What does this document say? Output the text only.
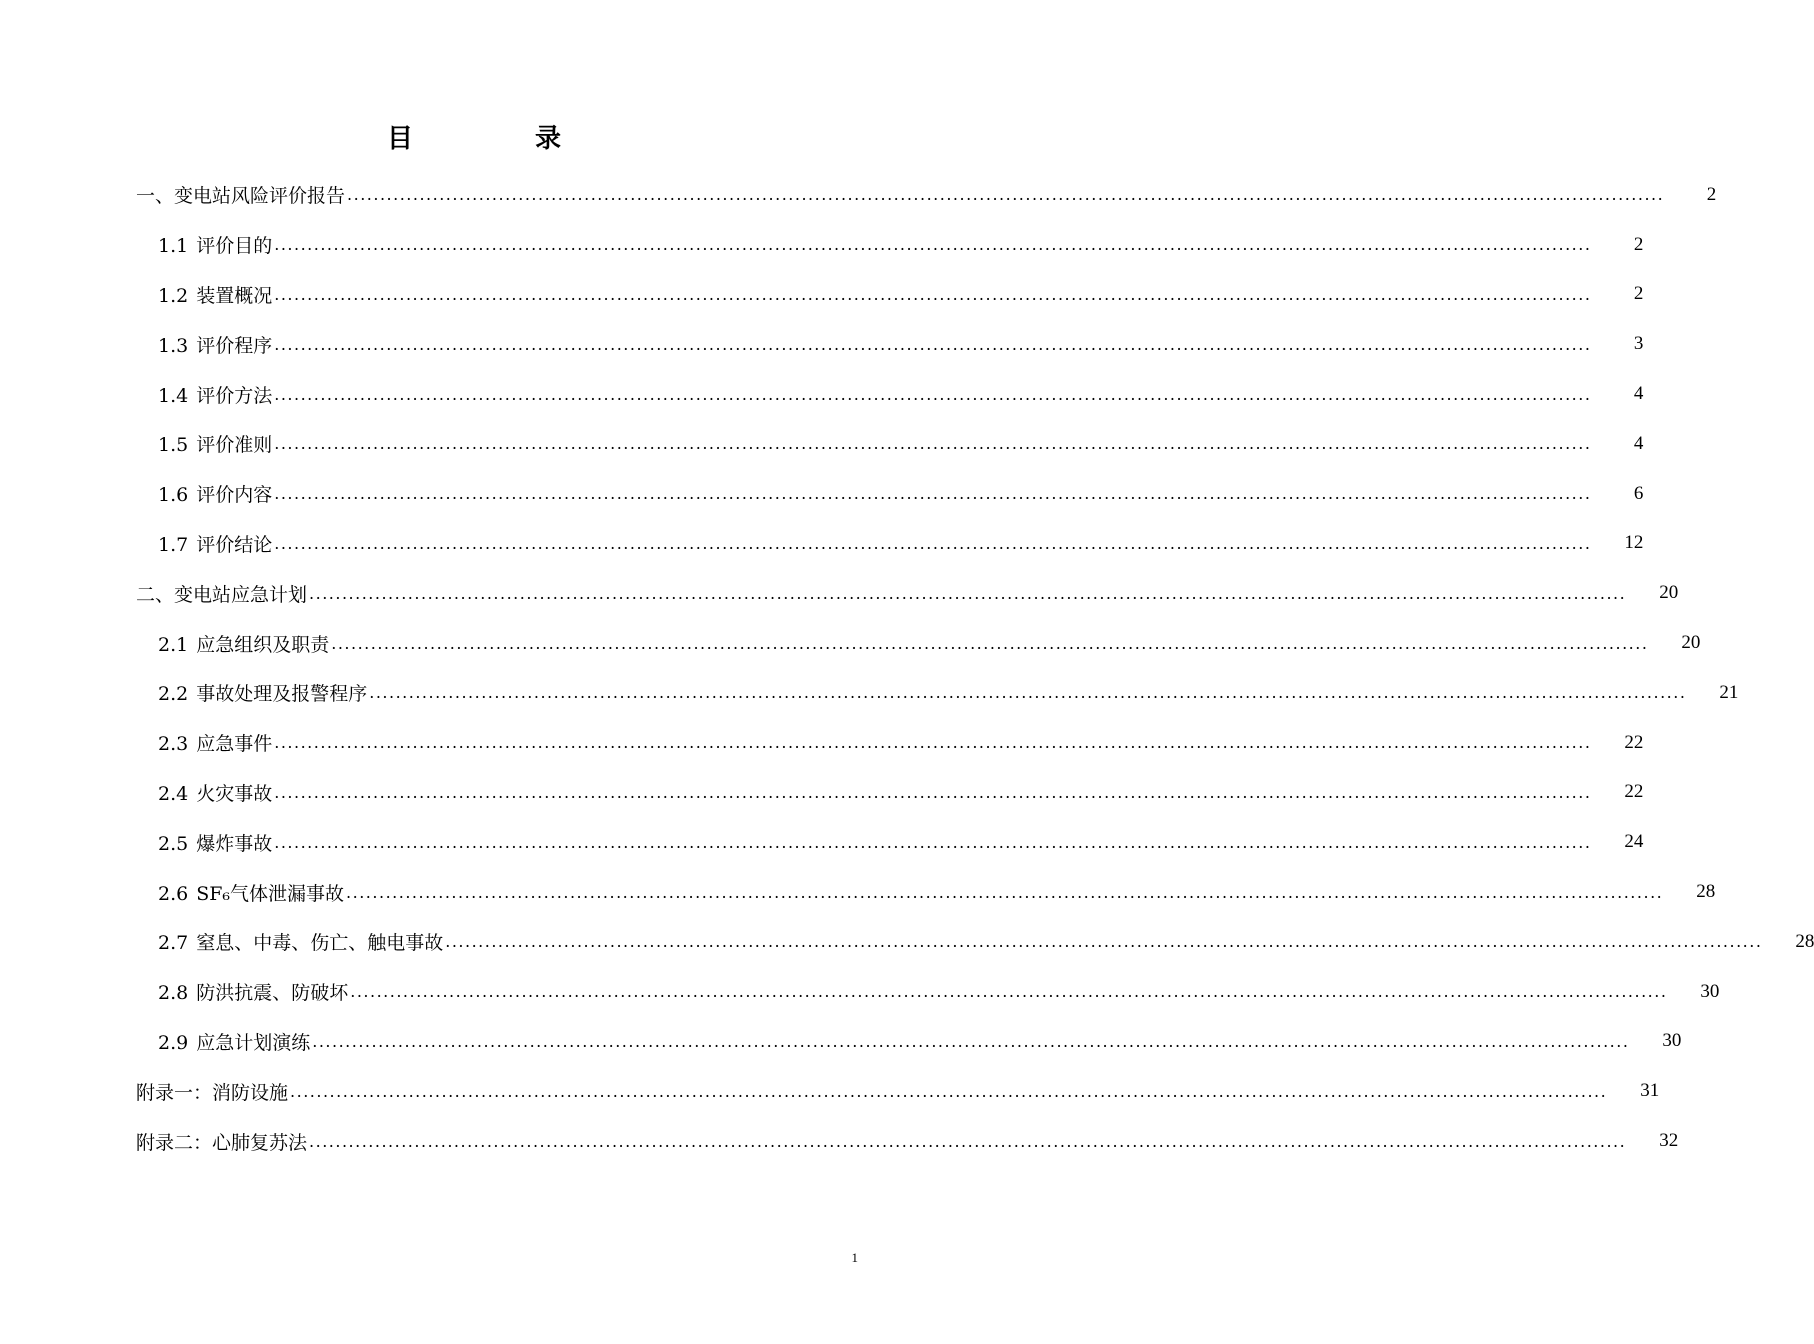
目	录
一、变电站风险评价报告 ........................................................................................................................................................................................................	2
1.1 评价目的 ........................................................................................................................................................................................................	2
1.2 装置概况 ........................................................................................................................................................................................................	2
1.3 评价程序 ........................................................................................................................................................................................................	3
1.4 评价方法 ........................................................................................................................................................................................................	4
1.5 评价准则 ........................................................................................................................................................................................................	4
1.6 评价内容 ........................................................................................................................................................................................................	6
1.7 评价结论 ........................................................................................................................................................................................................ 12
二、变电站应急计划 ........................................................................................................................................................................................................ 20
2.1 应急组织及职责 ........................................................................................................................................................................................................ 20
2.2 事故处理及报警程序 ........................................................................................................................................................................................................ 21
2.3 应急事件 ........................................................................................................................................................................................................ 22
2.4 火灾事故 ........................................................................................................................................................................................................ 22
2.5 爆炸事故 ........................................................................................................................................................................................................ 24
2.6 SF₆气体泄漏事故 ........................................................................................................................................................................................................ 28
2.7 窒息、中毒、伤亡、触电事故 ........................................................................................................................................................................................................ 28
2.8 防洪抗震、防破坏 ........................................................................................................................................................................................................ 30
2.9 应急计划演练 ........................................................................................................................................................................................................ 30
附录一：消防设施 ........................................................................................................................................................................................................ 31
附录二：心肺复苏法 ........................................................................................................................................................................................................ 32
1
